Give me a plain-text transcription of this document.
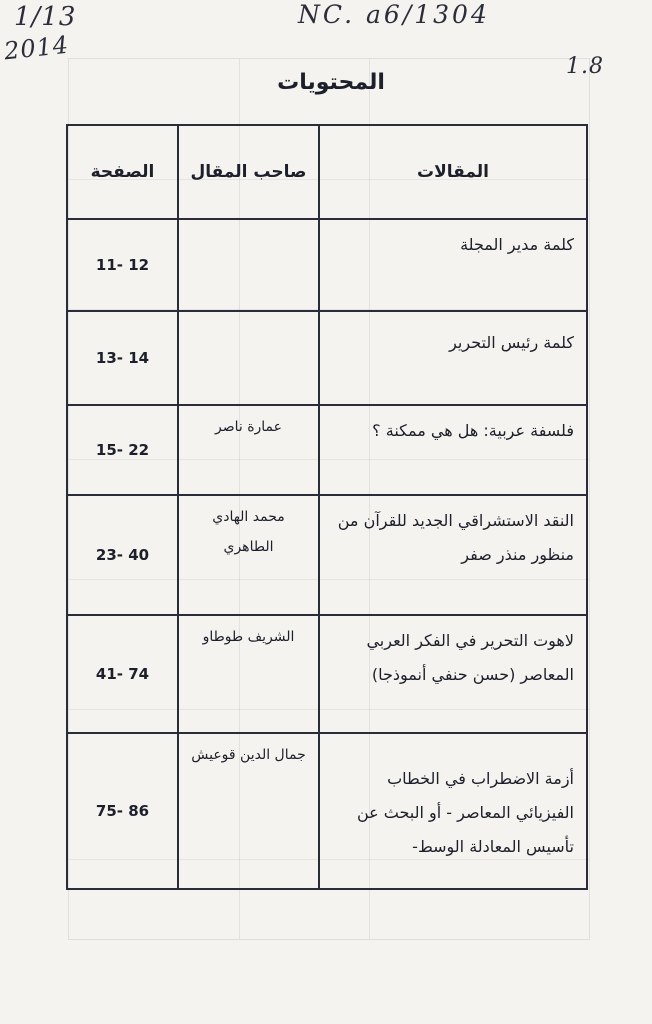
1/13
2014
NC. a6/1304
1.8
المحتويات
المقالات	صاحب المقال	الصفحة
كلمة مدير المجلة		11- 12
كلمة رئيس التحرير		13- 14
فلسفة عربية: هل هي ممكنة ؟	عمارة ناصر	15- 22
النقد الاستشراقي الجديد للقرآن من منظور منذر صفر	محمد الهادي الطاهري	23- 40
لاهوت التحرير في الفكر العربي المعاصر (حسن حنفي أنموذجا)	الشريف طوطاو	41- 74
أزمة الاضطراب في الخطاب الفيزيائي المعاصر - أو البحث عن تأسيس المعادلة الوسط-	جمال الدين قوعيش	75- 86
